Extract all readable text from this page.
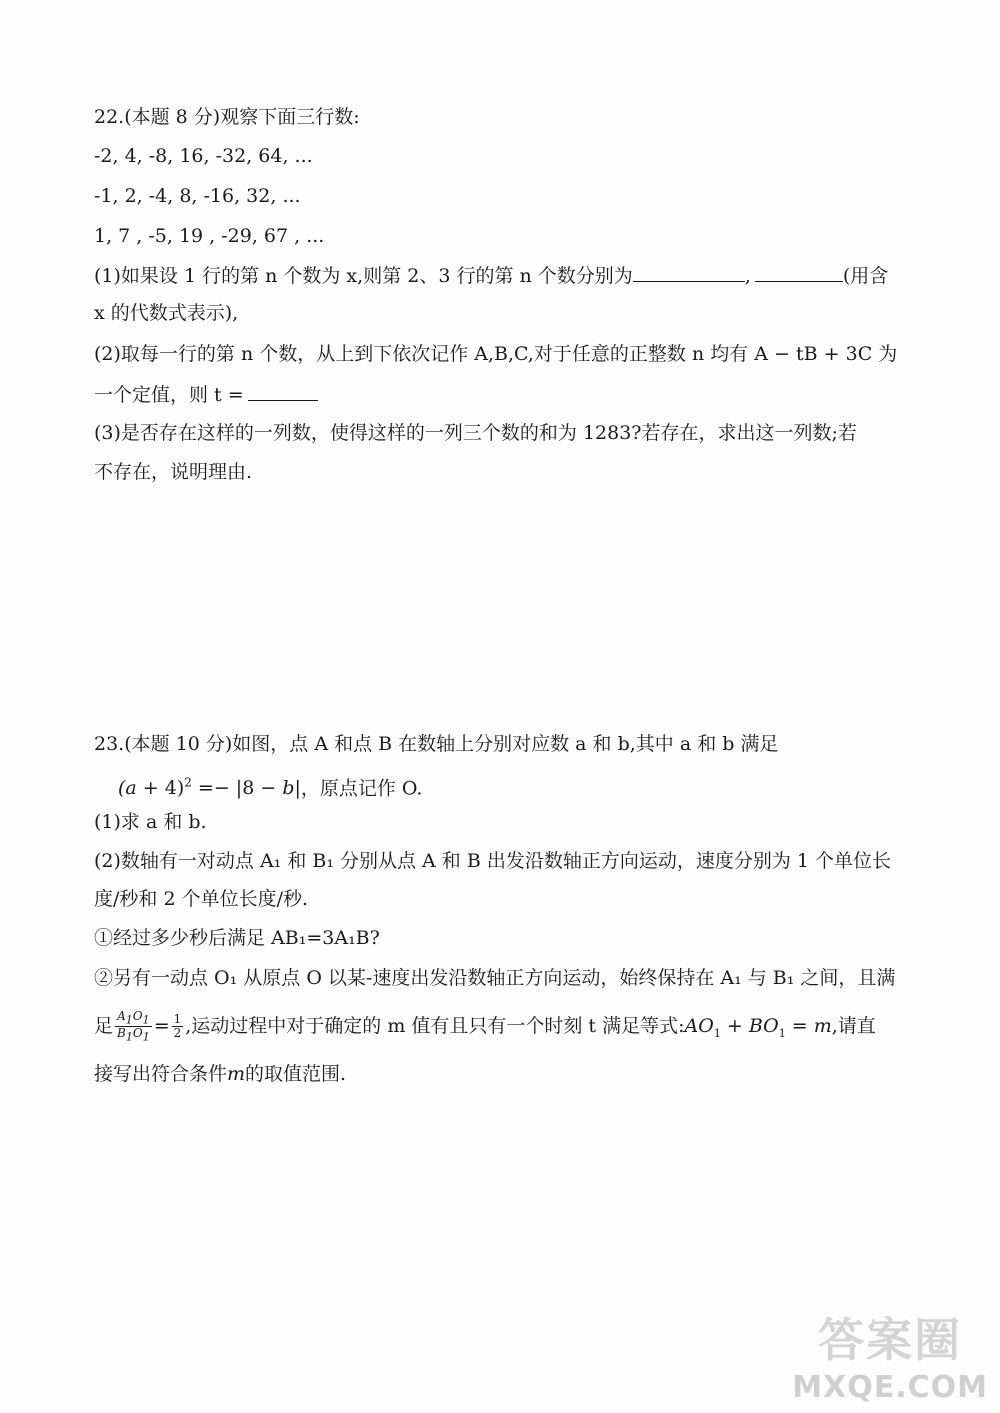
22.(本题 8 分)观察下面三行数:
-2, 4, -8, 16, -32, 64, ...
-1, 2, -4, 8, -16, 32, ...
1, 7 , -5, 19 , -29, 67 , ...
(1)如果设 1 行的第 n 个数为 x,则第 2、3 行的第 n 个数分别为	,	(用含
x 的代数式表示),
(2)取每一行的第 n 个数，从上到下依次记作 A,B,C,对于任意的正整数 n 均有 A − tB + 3C 为
一个定值，则 t =
(3)是否存在这样的一列数，使得这样的一列三个数的和为 1283?若存在，求出这一列数;若
不存在，说明理由.
23.(本题 10 分)如图，点 A 和点 B 在数轴上分别对应数 a 和 b,其中 a 和 b 满足
$(a + 4)^2 =- |8 - b|$，原点记作 O.
(1)求 a 和 b.
(2)数轴有一对动点 A₁ 和 B₁ 分别从点 A 和 B 出发沿数轴正方向运动，速度分别为 1 个单位长
度/秒和 2 个单位长度/秒.
①经过多少秒后满足 AB₁=3A₁B?
②另有一动点 O₁ 从原点 O 以某-速度出发沿数轴正方向运动，始终保持在 A₁ 与 B₁ 之间，且满
足 $\frac{A_1O_1}{B_1O_1} = \frac{1}{2}$ ,运动过程中对于确定的 m 值有且只有一个时刻 t 满足等式$:AO_1 + BO_1 = m$,请直
接写出符合条件m的取值范围.
答案圈
MXQE.COM
